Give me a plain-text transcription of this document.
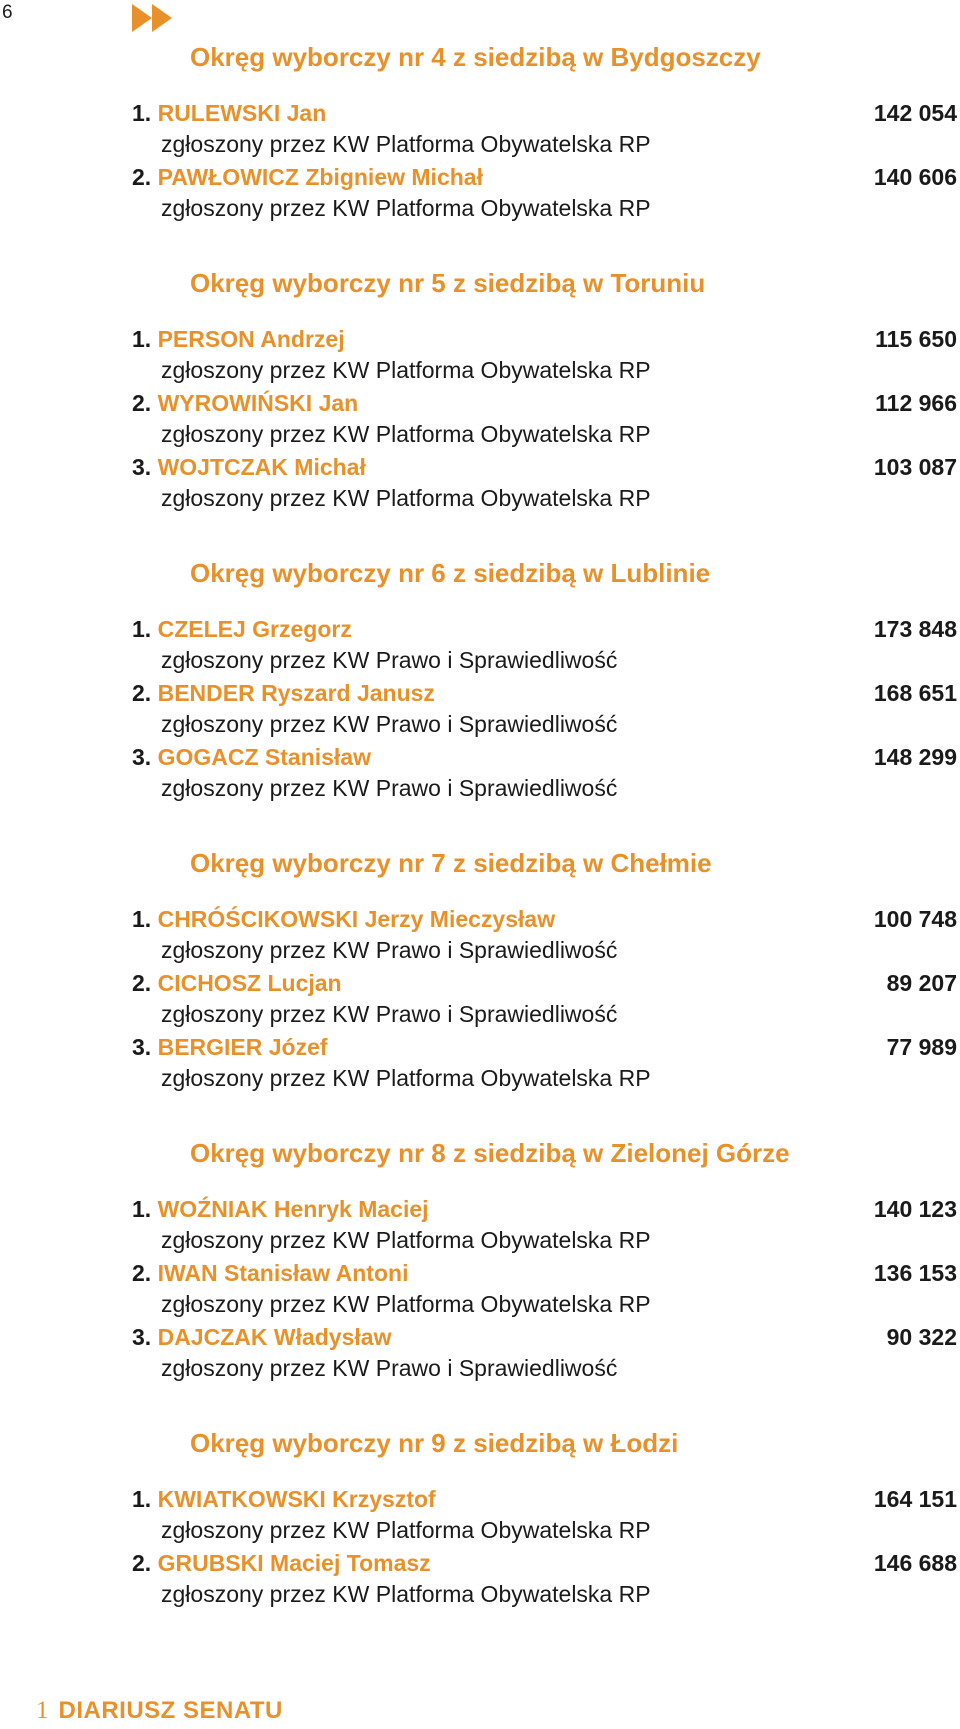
6
Okręg wyborczy nr 4 z siedzibą w Bydgoszczy
1. RULEWSKI Jan	142 054
zgłoszony przez KW Platforma Obywatelska RP
2. PAWŁOWICZ Zbigniew Michał	140 606
zgłoszony przez KW Platforma Obywatelska RP
Okręg wyborczy nr 5 z siedzibą w Toruniu
1. PERSON Andrzej	115 650
zgłoszony przez KW Platforma Obywatelska RP
2. WYROWIŃSKI Jan	112 966
zgłoszony przez KW Platforma Obywatelska RP
3. WOJTCZAK Michał	103 087
zgłoszony przez KW Platforma Obywatelska RP
Okręg wyborczy nr 6 z siedzibą w Lublinie
1. CZELEJ Grzegorz	173 848
zgłoszony przez KW Prawo i Sprawiedliwość
2. BENDER Ryszard Janusz	168 651
zgłoszony przez KW Prawo i Sprawiedliwość
3. GOGACZ Stanisław	148 299
zgłoszony przez KW Prawo i Sprawiedliwość
Okręg wyborczy nr 7 z siedzibą w Chełmie
1. CHRÓŚCIKOWSKI Jerzy Mieczysław	100 748
zgłoszony przez KW Prawo i Sprawiedliwość
2. CICHOSZ Lucjan	89 207
zgłoszony przez KW Prawo i Sprawiedliwość
3. BERGIER Józef	77 989
zgłoszony przez KW Platforma Obywatelska RP
Okręg wyborczy nr 8 z siedzibą w Zielonej Górze
1. WOŹNIAK Henryk Maciej	140 123
zgłoszony przez KW Platforma Obywatelska RP
2. IWAN Stanisław Antoni	136 153
zgłoszony przez KW Platforma Obywatelska RP
3. DAJCZAK Władysław	90 322
zgłoszony przez KW Prawo i Sprawiedliwość
Okręg wyborczy nr 9 z siedzibą w Łodzi
1. KWIATKOWSKI Krzysztof	164 151
zgłoszony przez KW Platforma Obywatelska RP
2. GRUBSKI Maciej Tomasz	146 688
zgłoszony przez KW Platforma Obywatelska RP
1 DIARIUSZ SENATU
